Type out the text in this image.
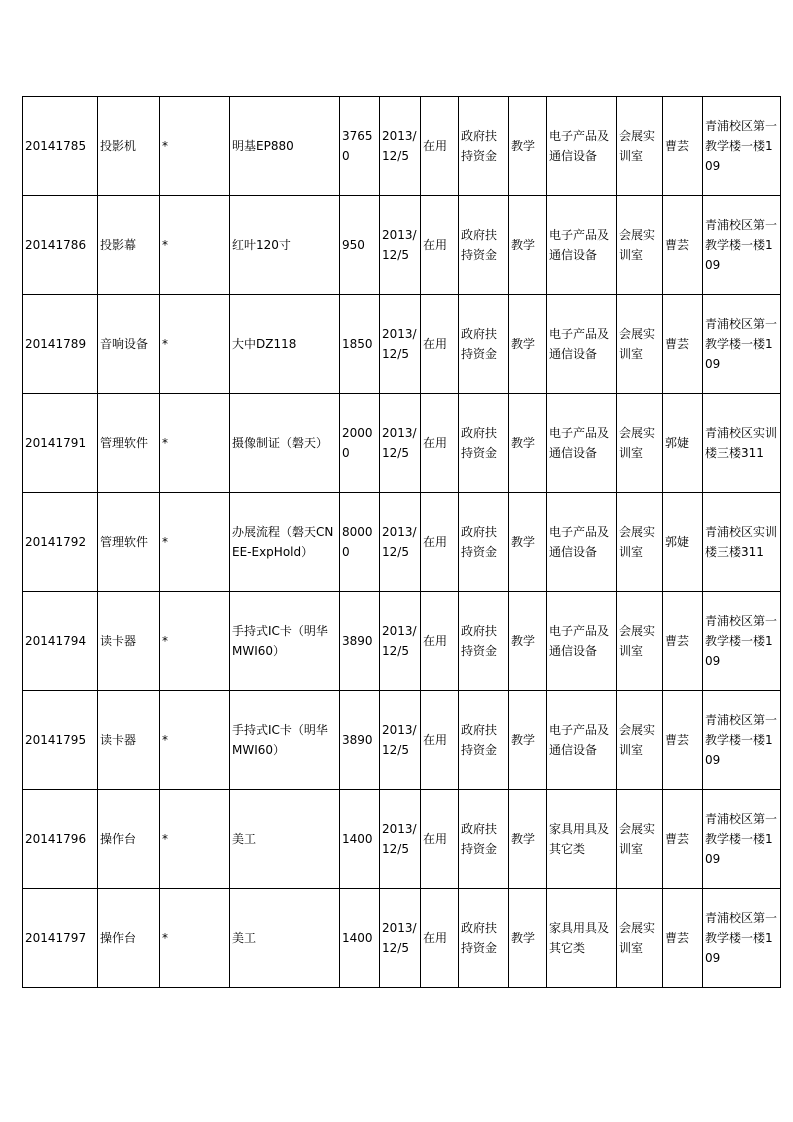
20141785	投影机	*	明基EP880	37650	2013/12/5	在用	政府扶持资金	教学	电子产品及通信设备	会展实训室	曹芸	青浦校区第一教学楼一楼109
20141786	投影幕	*	红叶120寸	950	2013/12/5	在用	政府扶持资金	教学	电子产品及通信设备	会展实训室	曹芸	青浦校区第一教学楼一楼109
20141789	音响设备	*	大中DZ118	1850	2013/12/5	在用	政府扶持资金	教学	电子产品及通信设备	会展实训室	曹芸	青浦校区第一教学楼一楼109
20141791	管理软件	*	摄像制证（磐天）	20000	2013/12/5	在用	政府扶持资金	教学	电子产品及通信设备	会展实训室	郭婕	青浦校区实训楼三楼311
20141792	管理软件	*	办展流程（磐天CNEE-ExpHold）	80000	2013/12/5	在用	政府扶持资金	教学	电子产品及通信设备	会展实训室	郭婕	青浦校区实训楼三楼311
20141794	读卡器	*	手持式IC卡（明华MWI60）	3890	2013/12/5	在用	政府扶持资金	教学	电子产品及通信设备	会展实训室	曹芸	青浦校区第一教学楼一楼109
20141795	读卡器	*	手持式IC卡（明华MWI60）	3890	2013/12/5	在用	政府扶持资金	教学	电子产品及通信设备	会展实训室	曹芸	青浦校区第一教学楼一楼109
20141796	操作台	*	美工	1400	2013/12/5	在用	政府扶持资金	教学	家具用具及其它类	会展实训室	曹芸	青浦校区第一教学楼一楼109
20141797	操作台	*	美工	1400	2013/12/5	在用	政府扶持资金	教学	家具用具及其它类	会展实训室	曹芸	青浦校区第一教学楼一楼109
